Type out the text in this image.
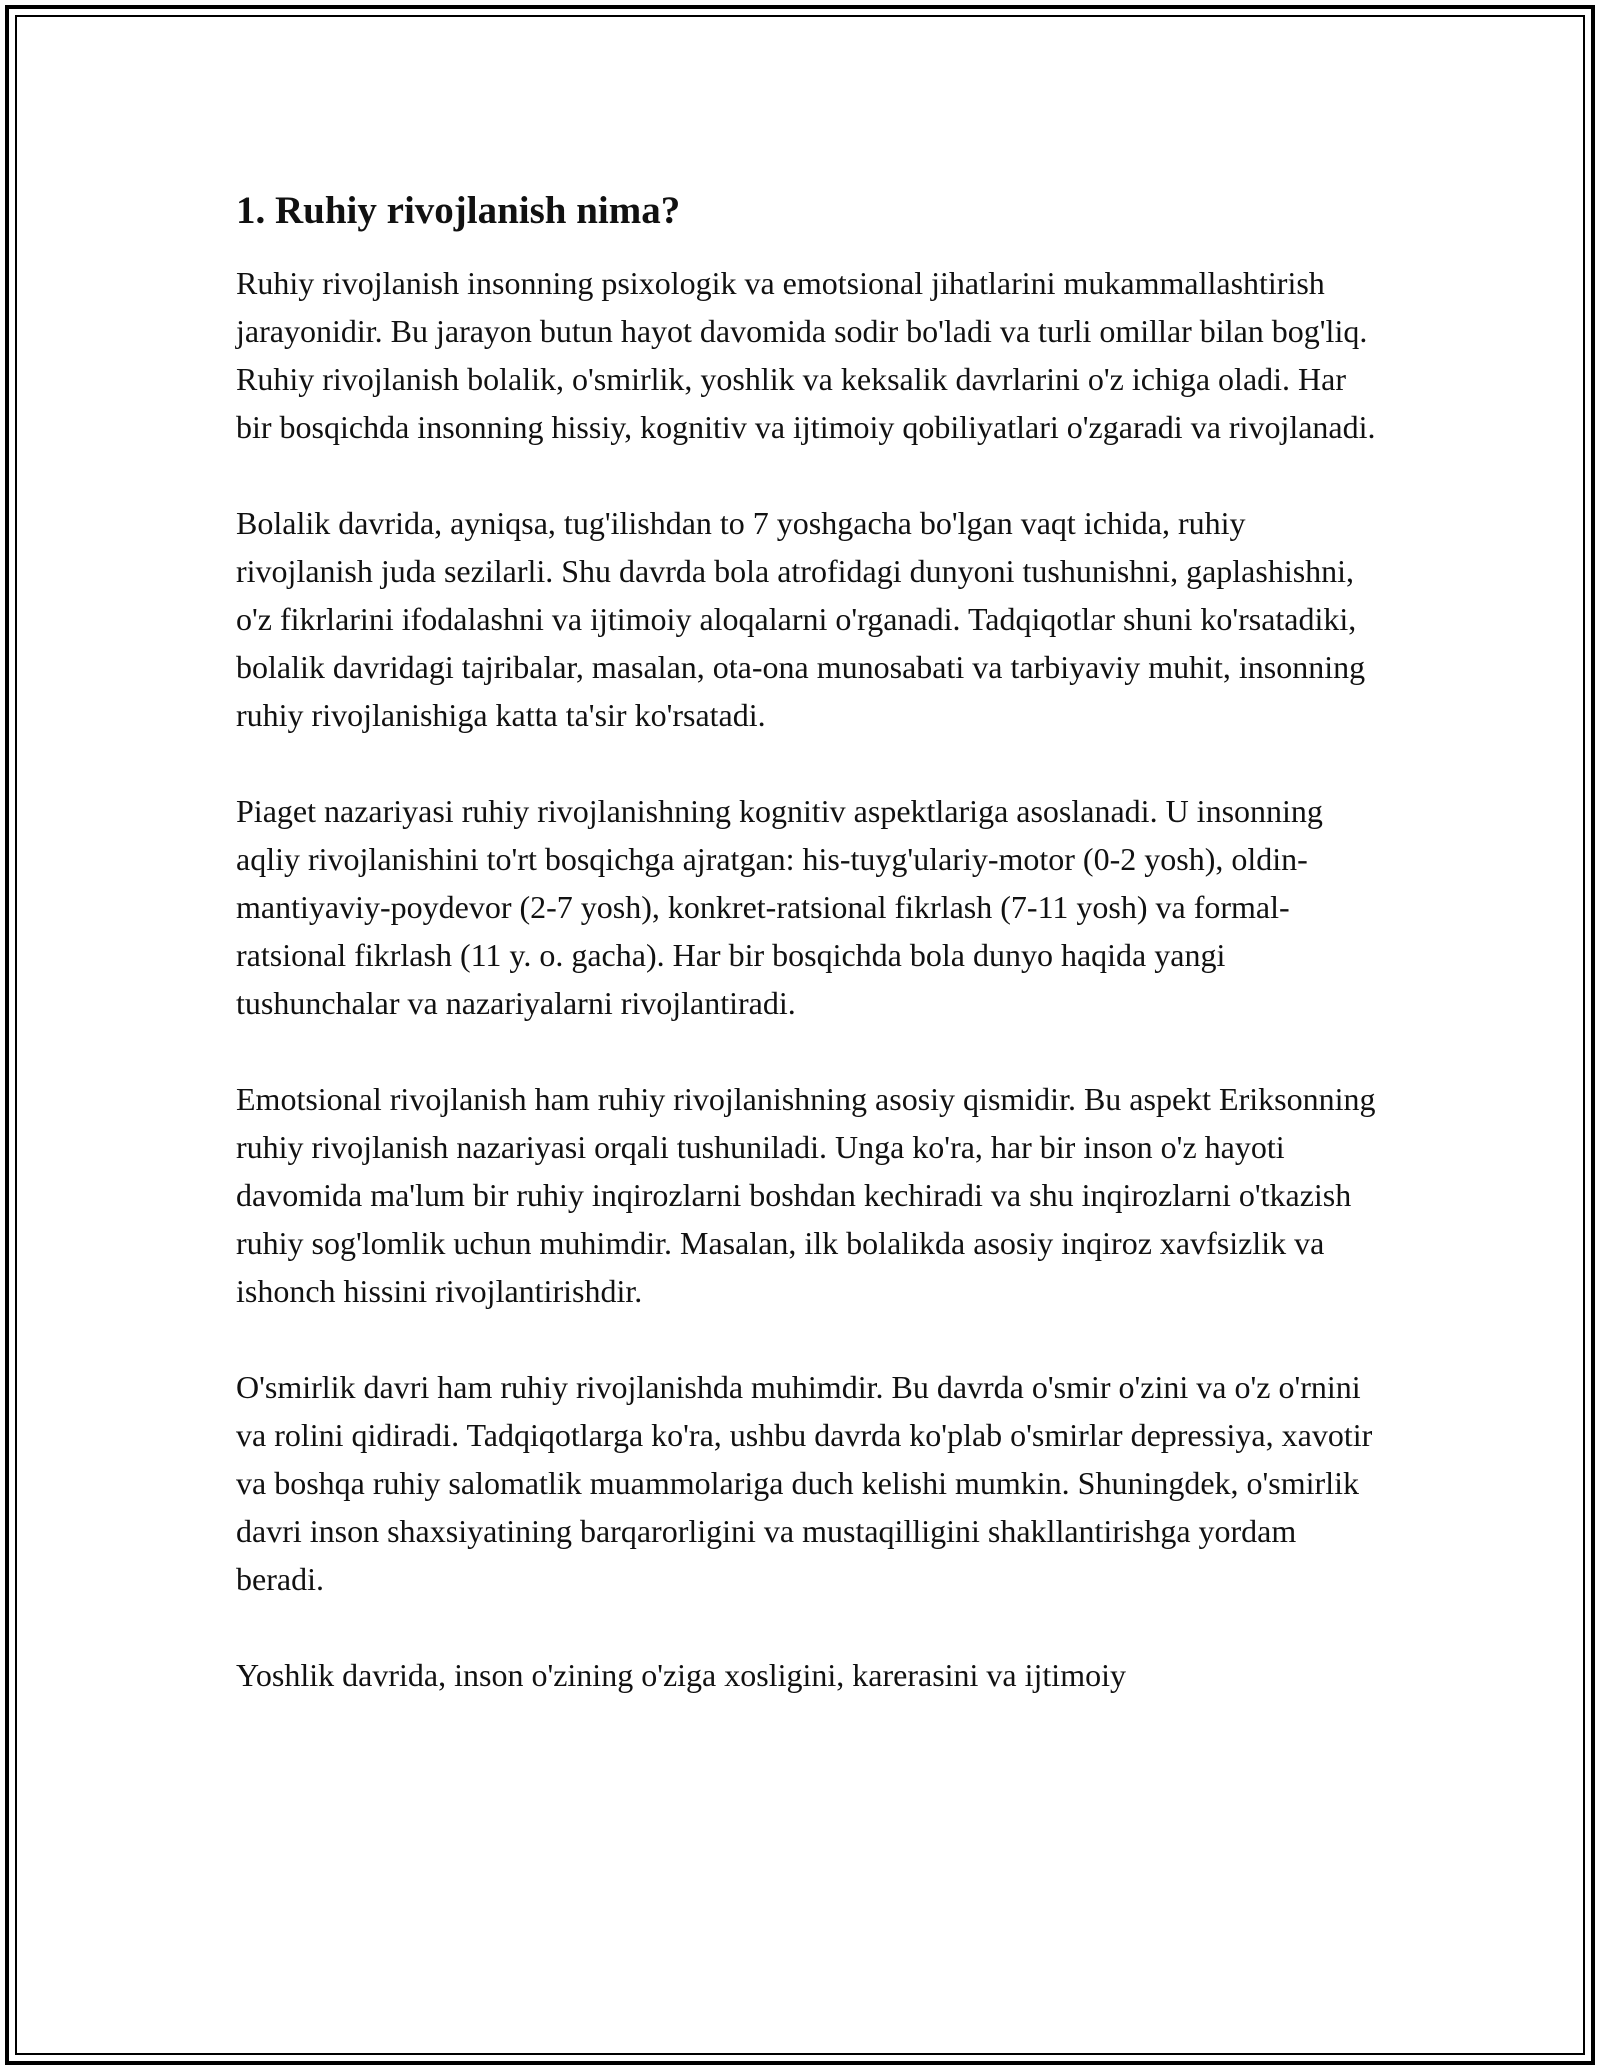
1. Ruhiy rivojlanish nima?

Ruhiy rivojlanish insonning psixologik va emotsional jihatlarini mukammallashtirish jarayonidir. Bu jarayon butun hayot davomida sodir bo'ladi va turli omillar bilan bog'liq. Ruhiy rivojlanish bolalik, o'smirlik, yoshlik va keksalik davrlarini o'z ichiga oladi. Har bir bosqichda insonning hissiy, kognitiv va ijtimoiy qobiliyatlari o'zgaradi va rivojlanadi.

Bolalik davrida, ayniqsa, tug'ilishdan to 7 yoshgacha bo'lgan vaqt ichida, ruhiy rivojlanish juda sezilarli. Shu davrda bola atrofidagi dunyoni tushunishni, gaplashishni, o'z fikrlarini ifodalashni va ijtimoiy aloqalarni o'rganadi. Tadqiqotlar shuni ko'rsatadiki, bolalik davridagi tajribalar, masalan, ota-ona munosabati va tarbiyaviy muhit, insonning ruhiy rivojlanishiga katta ta'sir ko'rsatadi.

Piaget nazariyasi ruhiy rivojlanishning kognitiv aspektlariga asoslanadi. U insonning aqliy rivojlanishini to'rt bosqichga ajratgan: his-tuyg'ulariy-motor (0-2 yosh), oldin-mantiyaviy-poydevor (2-7 yosh), konkret-ratsional fikrlash (7-11 yosh) va formal-ratsional fikrlash (11 y. o. gacha). Har bir bosqichda bola dunyo haqida yangi tushunchalar va nazariyalarni rivojlantiradi.

Emotsional rivojlanish ham ruhiy rivojlanishning asosiy qismidir. Bu aspekt Eriksonning ruhiy rivojlanish nazariyasi orqali tushuniladi. Unga ko'ra, har bir inson o'z hayoti davomida ma'lum bir ruhiy inqirozlarni boshdan kechiradi va shu inqirozlarni o'tkazish ruhiy sog'lomlik uchun muhimdir. Masalan, ilk bolalikda asosiy inqiroz xavfsizlik va ishonch hissini rivojlantirishdir.

O'smirlik davri ham ruhiy rivojlanishda muhimdir. Bu davrda o'smir o'zini va o'z o'rnini va rolini qidiradi. Tadqiqotlarga ko'ra, ushbu davrda ko'plab o'smirlar depressiya, xavotir va boshqa ruhiy salomatlik muammolariga duch kelishi mumkin. Shuningdek, o'smirlik davri inson shaxsiyatining barqarorligini va mustaqilligini shakllantirishga yordam beradi.

Yoshlik davrida, inson o'zining o'ziga xosligini, karerasini va ijtimoiy
